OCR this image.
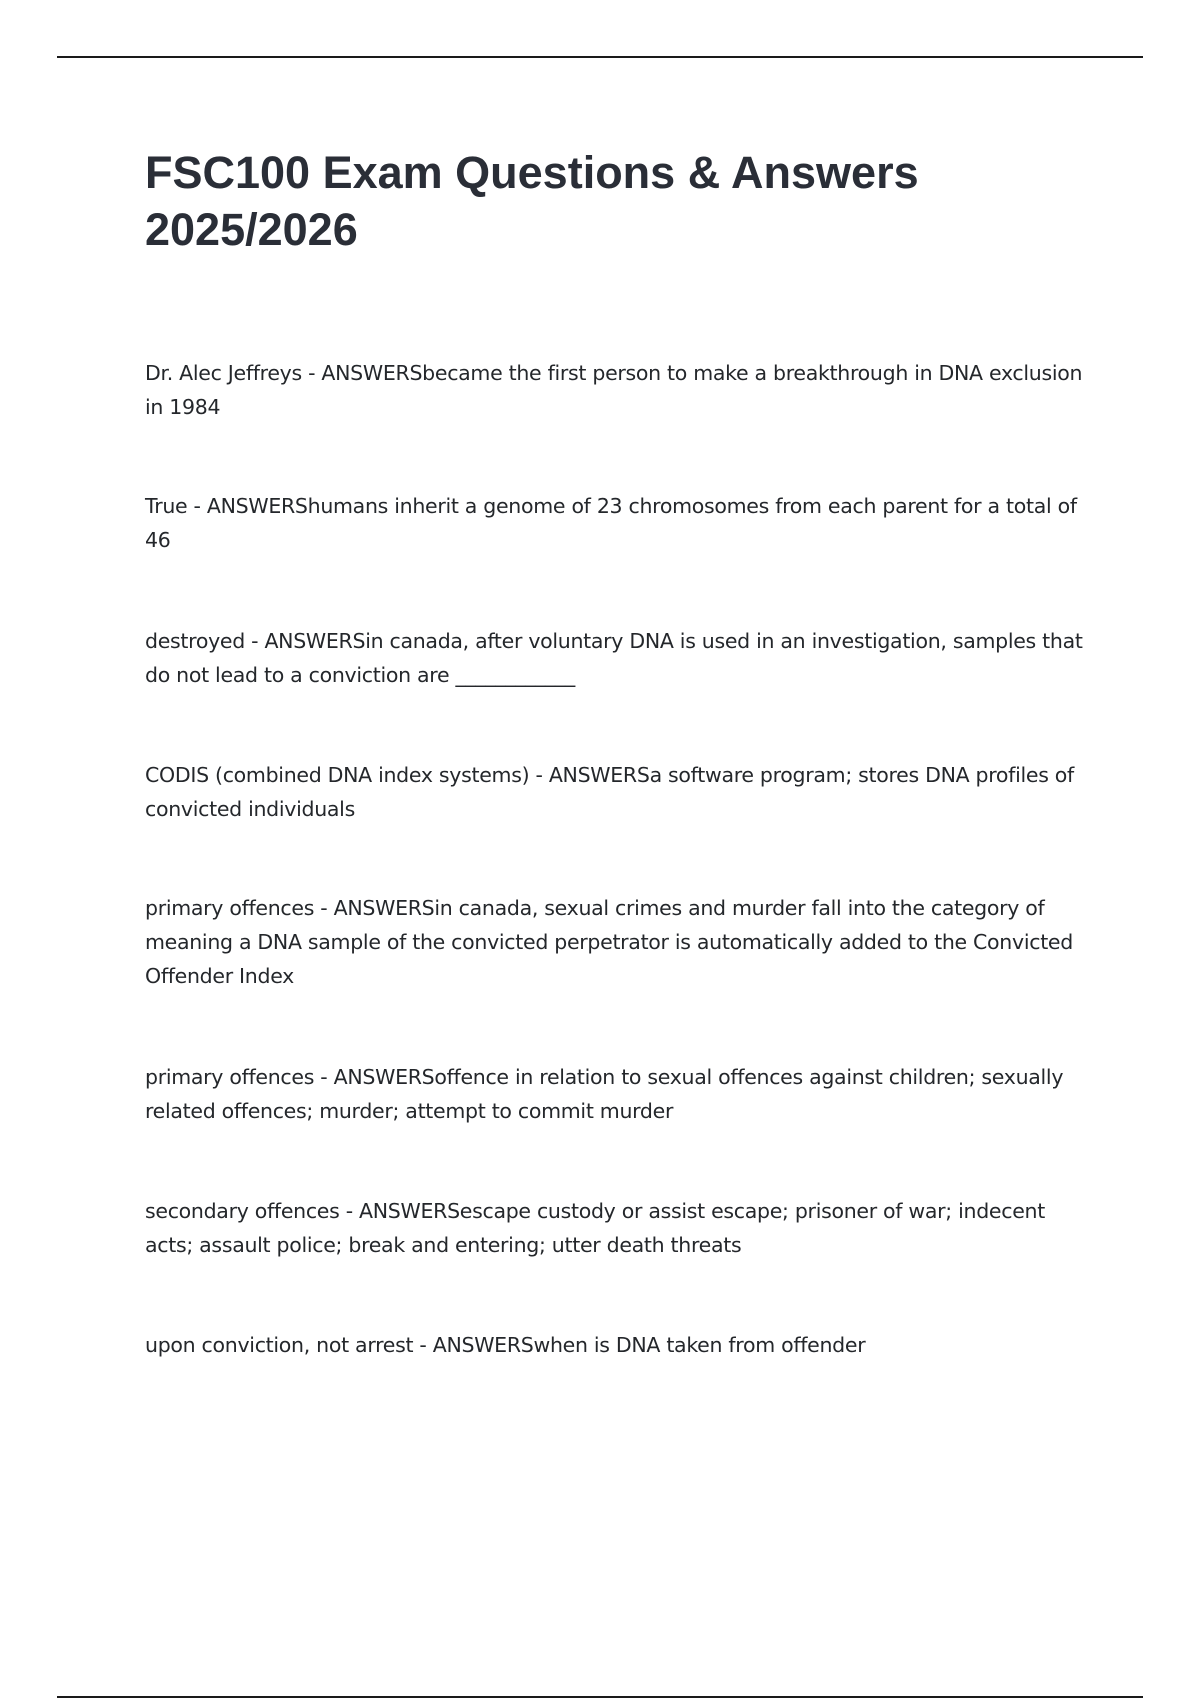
FSC100 Exam Questions & Answers 2025/2026
Dr. Alec Jeffreys - ANSWERSbecame the first person to make a breakthrough in DNA exclusion in 1984
True - ANSWERShumans inherit a genome of 23 chromosomes from each parent for a total of 46
destroyed - ANSWERSin canada, after voluntary DNA is used in an investigation, samples that do not lead to a conviction are ____________
CODIS (combined DNA index systems) - ANSWERSa software program; stores DNA profiles of convicted individuals
primary offences - ANSWERSin canada, sexual crimes and murder fall into the category of meaning a DNA sample of the convicted perpetrator is automatically added to the Convicted Offender Index
primary offences - ANSWERSoffence in relation to sexual offences against children; sexually related offences; murder; attempt to commit murder
secondary offences - ANSWERSescape custody or assist escape; prisoner of war; indecent acts; assault police; break and entering; utter death threats
upon conviction, not arrest - ANSWERSwhen is DNA taken from offender
